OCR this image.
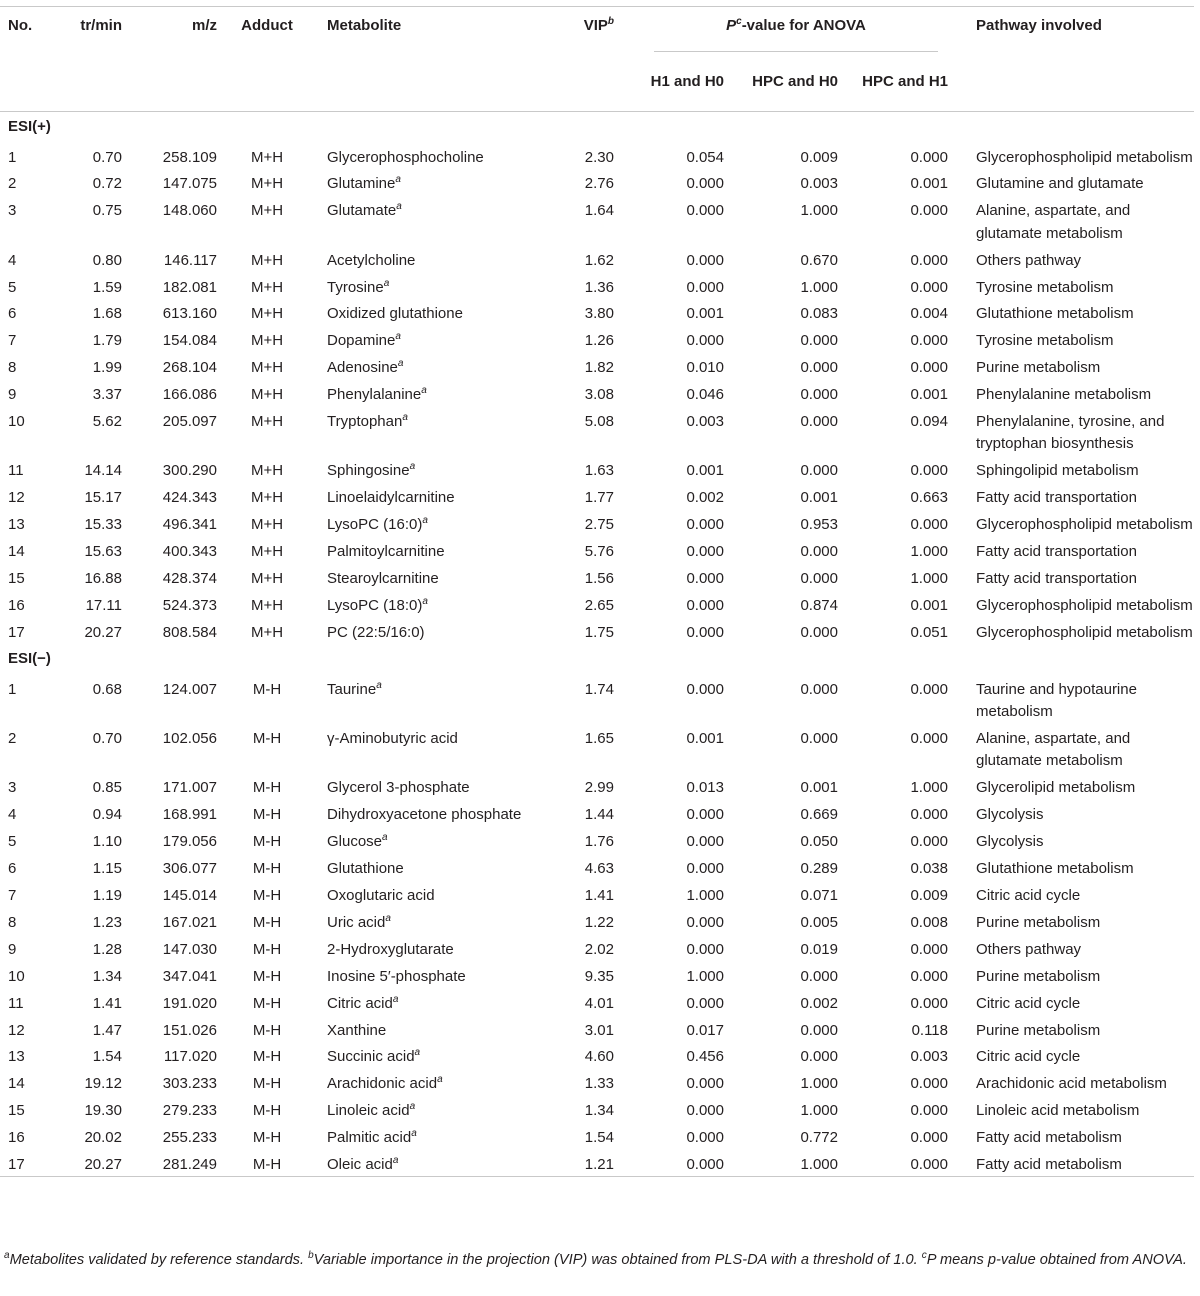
No.	tr/min	m/z	Adduct	Metabolite	VIP$^b$	$P^c$-value for ANOVA			Pathway involved
						H1 and H0	HPC and H0	HPC and H1	
ESI(+)									
1	0.70	258.109	M+H	Glycerophosphocholine	2.30	0.054	0.009	0.000	Glycerophospholipid metabolism
2	0.72	147.075	M+H	Glutamine$^a$	2.76	0.000	0.003	0.001	Glutamine and glutamate
3	0.75	148.060	M+H	Glutamate$^a$	1.64	0.000	1.000	0.000	Alanine, aspartate, and glutamate metabolism
4	0.80	146.117	M+H	Acetylcholine	1.62	0.000	0.670	0.000	Others pathway
5	1.59	182.081	M+H	Tyrosine$^a$	1.36	0.000	1.000	0.000	Tyrosine metabolism
6	1.68	613.160	M+H	Oxidized glutathione	3.80	0.001	0.083	0.004	Glutathione metabolism
7	1.79	154.084	M+H	Dopamine$^a$	1.26	0.000	0.000	0.000	Tyrosine metabolism
8	1.99	268.104	M+H	Adenosine$^a$	1.82	0.010	0.000	0.000	Purine metabolism
9	3.37	166.086	M+H	Phenylalanine$^a$	3.08	0.046	0.000	0.001	Phenylalanine metabolism
10	5.62	205.097	M+H	Tryptophan$^a$	5.08	0.003	0.000	0.094	Phenylalanine, tyrosine, and tryptophan biosynthesis
11	14.14	300.290	M+H	Sphingosine$^a$	1.63	0.001	0.000	0.000	Sphingolipid metabolism
12	15.17	424.343	M+H	Linoelaidylcarnitine	1.77	0.002	0.001	0.663	Fatty acid transportation
13	15.33	496.341	M+H	LysoPC (16:0)$^a$	2.75	0.000	0.953	0.000	Glycerophospholipid metabolism
14	15.63	400.343	M+H	Palmitoylcarnitine	5.76	0.000	0.000	1.000	Fatty acid transportation
15	16.88	428.374	M+H	Stearoylcarnitine	1.56	0.000	0.000	1.000	Fatty acid transportation
16	17.11	524.373	M+H	LysoPC (18:0)$^a$	2.65	0.000	0.874	0.001	Glycerophospholipid metabolism
17	20.27	808.584	M+H	PC (22:5/16:0)	1.75	0.000	0.000	0.051	Glycerophospholipid metabolism
ESI(−)									
1	0.68	124.007	M-H	Taurine$^a$	1.74	0.000	0.000	0.000	Taurine and hypotaurine metabolism
2	0.70	102.056	M-H	γ-Aminobutyric acid	1.65	0.001	0.000	0.000	Alanine, aspartate, and glutamate metabolism
3	0.85	171.007	M-H	Glycerol 3-phosphate	2.99	0.013	0.001	1.000	Glycerolipid metabolism
4	0.94	168.991	M-H	Dihydroxyacetone phosphate	1.44	0.000	0.669	0.000	Glycolysis
5	1.10	179.056	M-H	Glucose$^a$	1.76	0.000	0.050	0.000	Glycolysis
6	1.15	306.077	M-H	Glutathione	4.63	0.000	0.289	0.038	Glutathione metabolism
7	1.19	145.014	M-H	Oxoglutaric acid	1.41	1.000	0.071	0.009	Citric acid cycle
8	1.23	167.021	M-H	Uric acid$^a$	1.22	0.000	0.005	0.008	Purine metabolism
9	1.28	147.030	M-H	2-Hydroxyglutarate	2.02	0.000	0.019	0.000	Others pathway
10	1.34	347.041	M-H	Inosine 5′-phosphate	9.35	1.000	0.000	0.000	Purine metabolism
11	1.41	191.020	M-H	Citric acid$^a$	4.01	0.000	0.002	0.000	Citric acid cycle
12	1.47	151.026	M-H	Xanthine	3.01	0.017	0.000	0.118	Purine metabolism
13	1.54	117.020	M-H	Succinic acid$^a$	4.60	0.456	0.000	0.003	Citric acid cycle
14	19.12	303.233	M-H	Arachidonic acid$^a$	1.33	0.000	1.000	0.000	Arachidonic acid metabolism
15	19.30	279.233	M-H	Linoleic acid$^a$	1.34	0.000	1.000	0.000	Linoleic acid metabolism
16	20.02	255.233	M-H	Palmitic acid$^a$	1.54	0.000	0.772	0.000	Fatty acid metabolism
17	20.27	281.249	M-H	Oleic acid$^a$	1.21	0.000	1.000	0.000	Fatty acid metabolism
$^a$Metabolites validated by reference standards. $^b$Variable importance in the projection (VIP) was obtained from PLS-DA with a threshold of 1.0. $^c$P means p-value obtained from ANOVA.
